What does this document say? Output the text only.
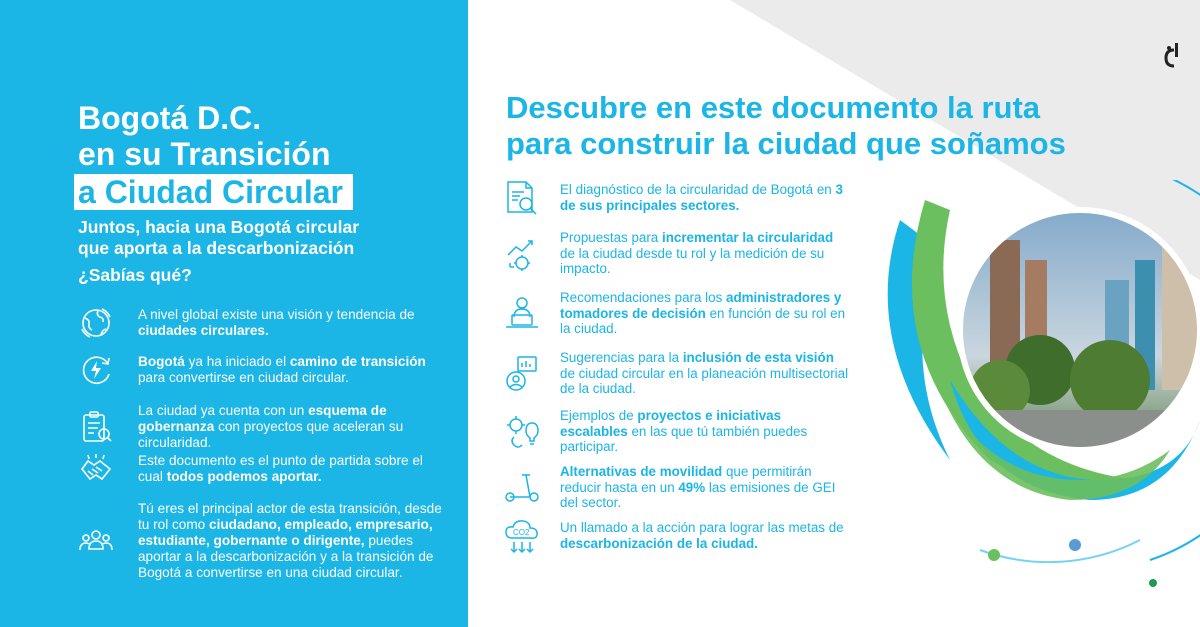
Bogotá D.C.
en su Transición
a Ciudad Circular
Juntos, hacia una Bogotá circular
que aporta a la descarbonización
¿Sabías qué?
A nivel global existe una visión y tendencia de ciudades circulares.
Bogotá ya ha iniciado el camino de transición para convertirse en ciudad circular.
La ciudad ya cuenta con un esquema de gobernanza con proyectos que aceleran su circularidad.
Este documento es el punto de partida sobre el cual todos podemos aportar.
Tú eres el principal actor de esta transición, desde tu rol como ciudadano, empleado, empresario, estudiante, gobernante o dirigente, puedes aportar a la descarbonización y a la transición de Bogotá a convertirse en una ciudad circular.
Descubre en este documento la ruta
para construir la ciudad que soñamos
El diagnóstico de la circularidad de Bogotá en 3 de sus principales sectores.
Propuestas para incrementar la circularidad de la ciudad desde tu rol y la medición de su impacto.
Recomendaciones para los administradores y tomadores de decisión en función de su rol en la ciudad.
Sugerencias para la inclusión de esta visión de ciudad circular en la planeación multisectorial de la ciudad.
Ejemplos de proyectos e iniciativas escalables en las que tú también puedes participar.
Alternativas de movilidad que permitirán reducir hasta en un 49% las emisiones de GEI del sector.
CO2 Un llamado a la acción para lograr las metas de descarbonización de la ciudad.
